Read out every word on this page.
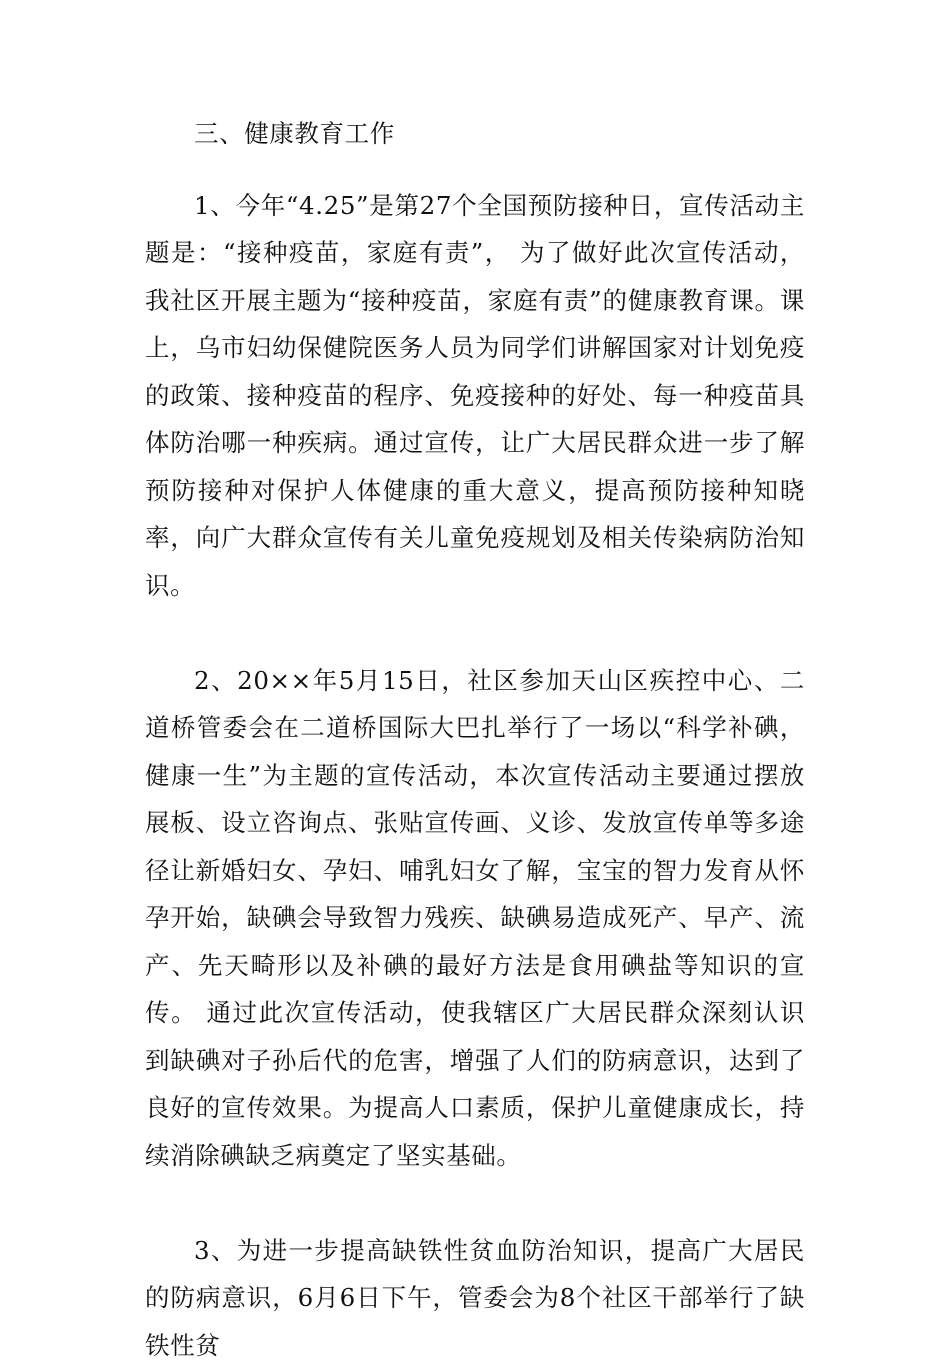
三、健康教育工作

1、今年“4.25”是第27个全国预防接种日，宣传活动主题是：“接种疫苗，家庭有责”， 为了做好此次宣传活动，我社区开展主题为“接种疫苗，家庭有责”的健康教育课。课上，乌市妇幼保健院医务人员为同学们讲解国家对计划免疫的政策、接种疫苗的程序、免疫接种的好处、每一种疫苗具体防治哪一种疾病。通过宣传，让广大居民群众进一步了解预防接种对保护人体健康的重大意义，提高预防接种知晓率，向广大群众宣传有关儿童免疫规划及相关传染病防治知识。

2、20××年5月15日，社区参加天山区疾控中心、二道桥管委会在二道桥国际大巴扎举行了一场以“科学补碘，健康一生”为主题的宣传活动，本次宣传活动主要通过摆放展板、设立咨询点、张贴宣传画、义诊、发放宣传单等多途径让新婚妇女、孕妇、哺乳妇女了解，宝宝的智力发育从怀孕开始，缺碘会导致智力残疾、缺碘易造成死产、早产、流产、先天畸形以及补碘的最好方法是食用碘盐等知识的宣传。 通过此次宣传活动，使我辖区广大居民群众深刻认识到缺碘对子孙后代的危害，增强了人们的防病意识，达到了良好的宣传效果。为提高人口素质，保护儿童健康成长，持续消除碘缺乏病奠定了坚实基础。

3、为进一步提高缺铁性贫血防治知识，提高广大居民的防病意识，6月6日下午，管委会为8个社区干部举行了缺铁性贫
